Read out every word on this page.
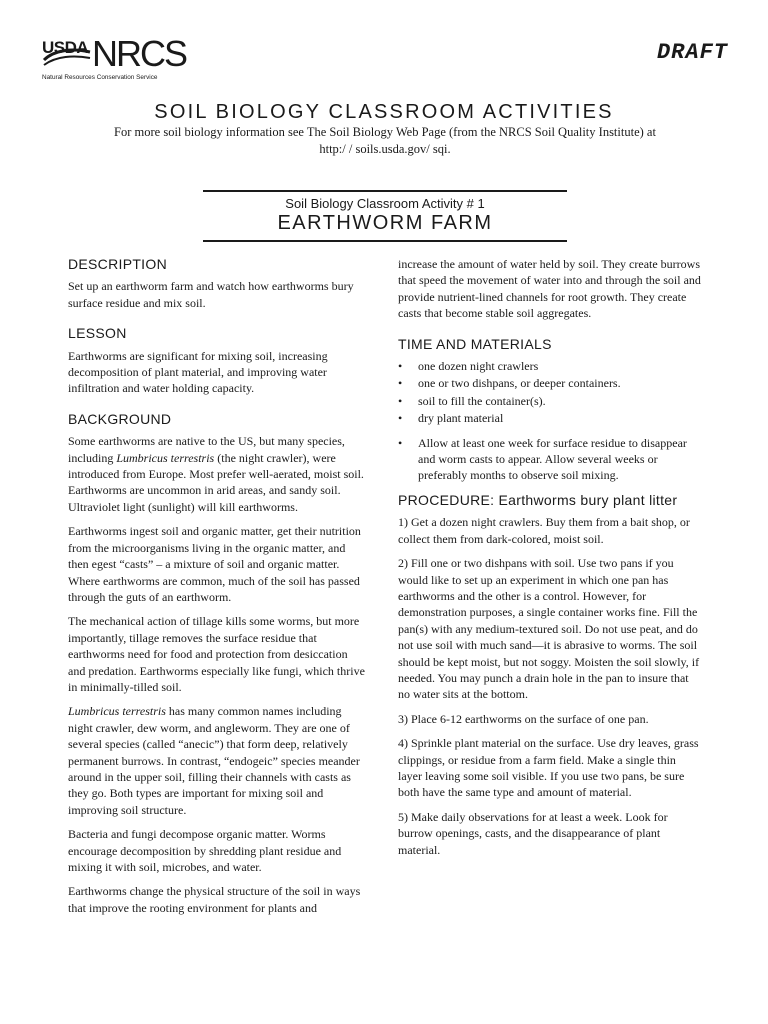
USDA NRCS
Natural Resources Conservation Service
DRAFT
SOIL BIOLOGY CLASSROOM ACTIVITIES
For more soil biology information see The Soil Biology Web Page (from the NRCS Soil Quality Institute) at
http:/ / soils.usda.gov/ sqi.
Soil Biology Classroom Activity # 1
EARTHWORM FARM
DESCRIPTION

Set up an earthworm farm and watch how earthworms bury surface residue and mix soil.

LESSON

Earthworms are significant for mixing soil, increasing decomposition of plant material, and improving water infiltration and water holding capacity.

BACKGROUND

Some earthworms are native to the US, but many species, including Lumbricus terrestris (the night crawler), were introduced from Europe. Most prefer well-aerated, moist soil. Earthworms are uncommon in arid areas, and sandy soil. Ultraviolet light (sunlight) will kill earthworms.

Earthworms ingest soil and organic matter, get their nutrition from the microorganisms living in the organic matter, and then egest “casts” – a mixture of soil and organic matter. Where earthworms are common, much of the soil has passed through the guts of an earthworm.

The mechanical action of tillage kills some worms, but more importantly, tillage removes the surface residue that earthworms need for food and protection from desiccation and predation. Earthworms especially like fungi, which thrive in minimally-tilled soil.

Lumbricus terrestris has many common names including night crawler, dew worm, and angleworm. They are one of several species (called “anecic”) that form deep, relatively permanent burrows. In contrast, “endogeic” species meander around in the upper soil, filling their channels with casts as they go. Both types are important for mixing soil and improving soil structure.

Bacteria and fungi decompose organic matter. Worms encourage decomposition by shredding plant residue and mixing it with soil, microbes, and water.

Earthworms change the physical structure of the soil in ways that improve the rooting environment for plants and

increase the amount of water held by soil. They create burrows that speed the movement of water into and through the soil and provide nutrient-lined channels for root growth. They create casts that become stable soil aggregates.

TIME AND MATERIALS
• one dozen night crawlers
• one or two dishpans, or deeper containers.
• soil to fill the container(s).
• dry plant material
• Allow at least one week for surface residue to disappear and worm casts to appear. Allow several weeks or preferably months to observe soil mixing.
PROCEDURE: Earthworms bury plant litter

1) Get a dozen night crawlers. Buy them from a bait shop, or collect them from dark-colored, moist soil.

2) Fill one or two dishpans with soil. Use two pans if you would like to set up an experiment in which one pan has earthworms and the other is a control. However, for demonstration purposes, a single container works fine. Fill the pan(s) with any medium-textured soil. Do not use peat, and do not use soil with much sand—it is abrasive to worms. The soil should be kept moist, but not soggy. Moisten the soil slowly, if needed. You may punch a drain hole in the pan to insure that no water sits at the bottom.

3) Place 6-12 earthworms on the surface of one pan.

4) Sprinkle plant material on the surface. Use dry leaves, grass clippings, or residue from a farm field. Make a single thin layer leaving some soil visible. If you use two pans, be sure both have the same type and amount of material.

5) Make daily observations for at least a week. Look for burrow openings, casts, and the disappearance of plant material.
